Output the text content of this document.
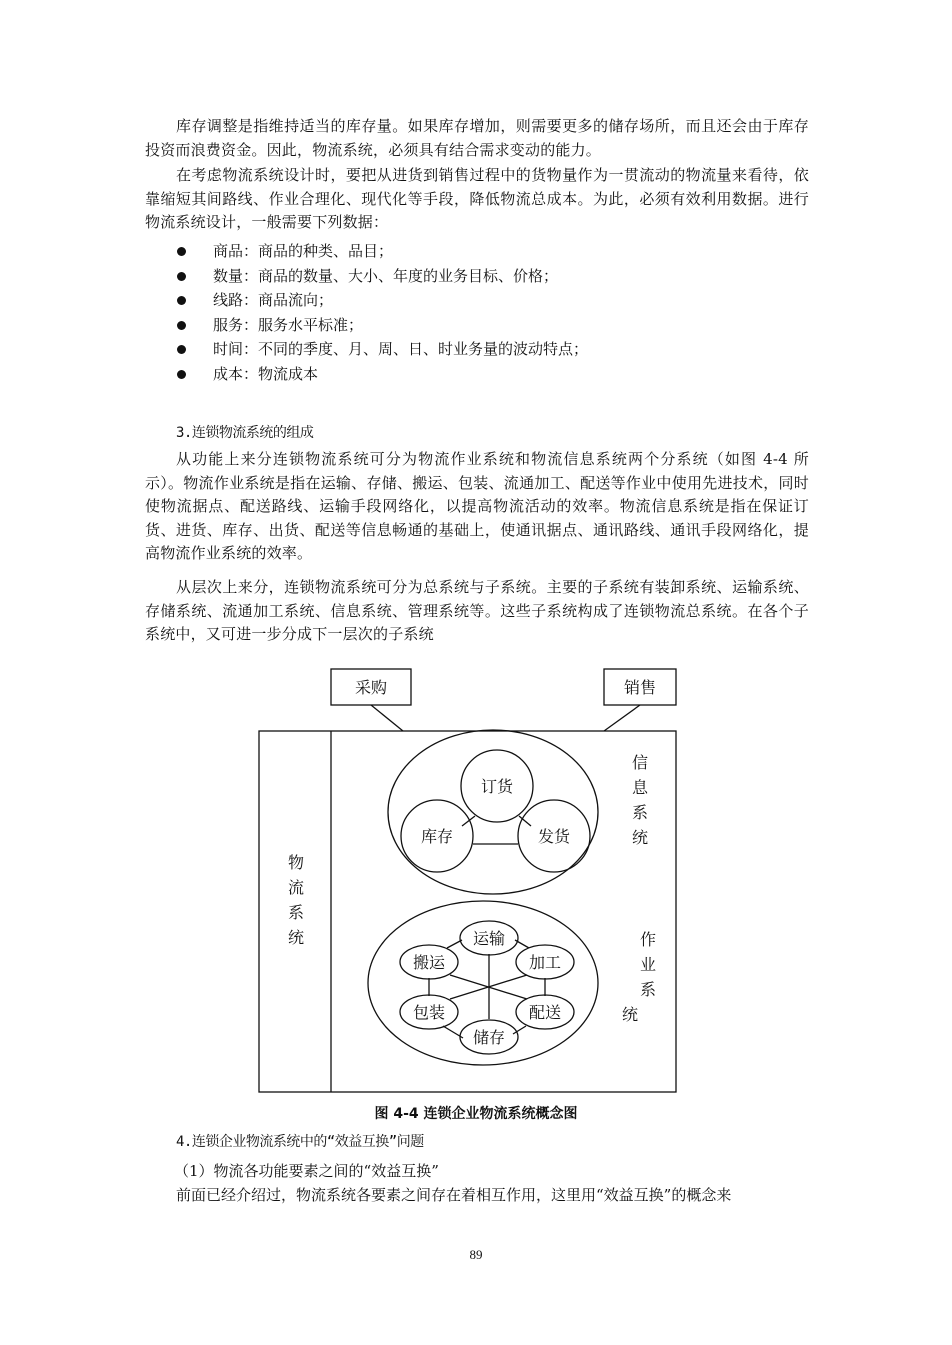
库存调整是指维持适当的库存量。如果库存增加，则需要更多的储存场所，而且还会由于库存投资而浪费资金。因此，物流系统，必须具有结合需求变动的能力。

在考虑物流系统设计时，要把从进货到销售过程中的货物量作为一贯流动的物流量来看待，依靠缩短其间路线、作业合理化、现代化等手段，降低物流总成本。为此，必须有效利用数据。进行物流系统设计，一般需要下列数据：

商品：商品的种类、品目；
数量：商品的数量、大小、年度的业务目标、价格；
线路：商品流向；
服务：服务水平标准；
时间：不同的季度、月、周、日、时业务量的波动特点；
成本：物流成本

3.连锁物流系统的组成

从功能上来分连锁物流系统可分为物流作业系统和物流信息系统两个分系统（如图 4-4 所示）。物流作业系统是指在运输、存储、搬运、包装、流通加工、配送等作业中使用先进技术，同时使物流据点、配送路线、运输手段网络化，以提高物流活动的效率。物流信息系统是指在保证订货、进货、库存、出货、配送等信息畅通的基础上，使通讯据点、通讯路线、通讯手段网络化，提高物流作业系统的效率。

从层次上来分，连锁物流系统可分为总系统与子系统。主要的子系统有装卸系统、运输系统、存储系统、流通加工系统、信息系统、管理系统等。这些子系统构成了连锁物流总系统。在各个子系统中，又可进一步分成下一层次的子系统

采购	销售
物
流
系
统
信
息
系
统
作
业
系
统
订货
库存	发货
运输
搬运	加工
包装	配送
储存
图 4-4 连锁企业物流系统概念图

4.连锁企业物流系统中的“效益互换”问题

（1）物流各功能要素之间的“效益互换”

前面已经介绍过，物流系统各要素之间存在着相互作用，这里用“效益互换”的概念来

89
